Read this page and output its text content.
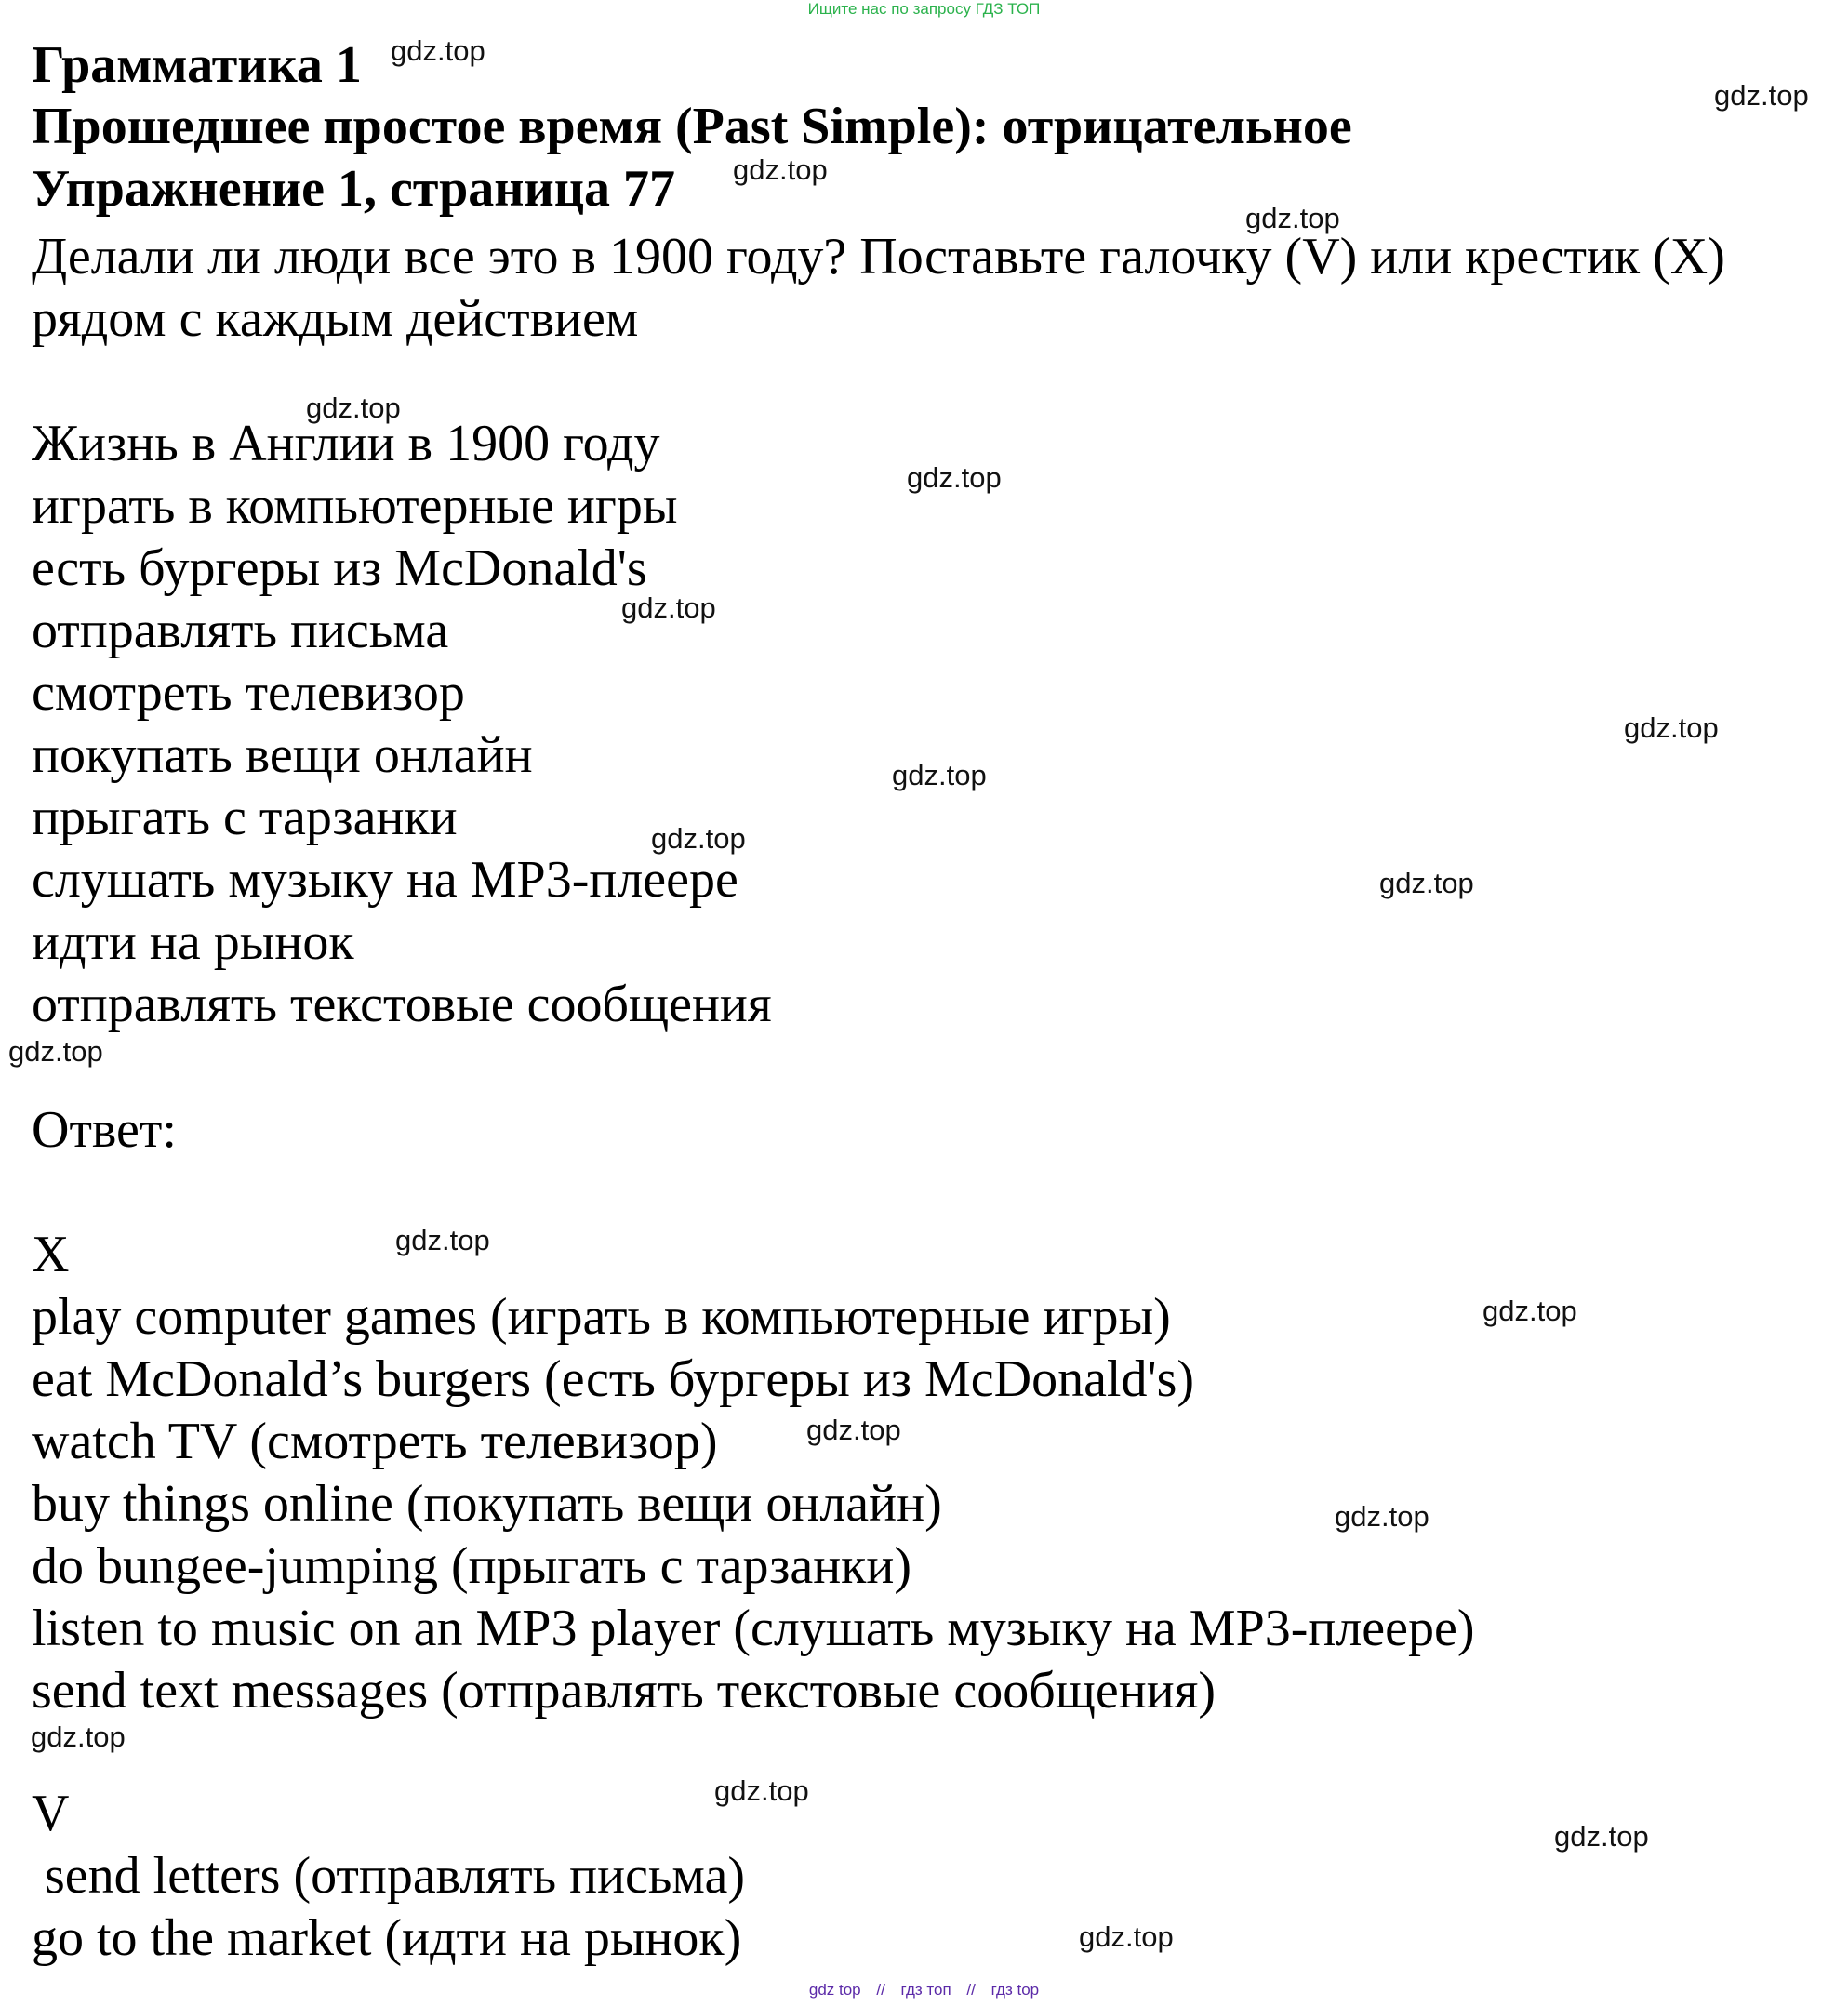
Ищите нас по запросу ГДЗ ТОП
Грамматика 1
Прошедшее простое время (Past Simple): отрицательное
Упражнение 1, страница 77
Делали ли люди все это в 1900 году? Поставьте галочку (V) или крестик (X)
рядом с каждым действием
Жизнь в Англии в 1900 году
играть в компьютерные игры
есть бургеры из McDonald's
отправлять письма
смотреть телевизор
покупать вещи онлайн
прыгать с тарзанки
слушать музыку на MP3-плеере
идти на рынок
отправлять текстовые сообщения
Ответ:
X
play computer games (играть в компьютерные игры)
eat McDonald’s burgers (есть бургеры из McDonald's)
watch TV (смотреть телевизор)
buy things online (покупать вещи онлайн)
do bungee-jumping (прыгать с тарзанки)
listen to music on an MP3 player (слушать музыку на MP3-плеере)
send text messages (отправлять текстовые сообщения)
V
send letters (отправлять письма)
go to the market (идти на рынок)
gdz.top
gdz.top
gdz.top
gdz.top
gdz.top
gdz.top
gdz.top
gdz.top
gdz.top
gdz.top
gdz.top
gdz.top
gdz.top
gdz.top
gdz.top
gdz.top
gdz.top
gdz.top
gdz.top
gdz.top
gdz top // гдз топ // гдз top
